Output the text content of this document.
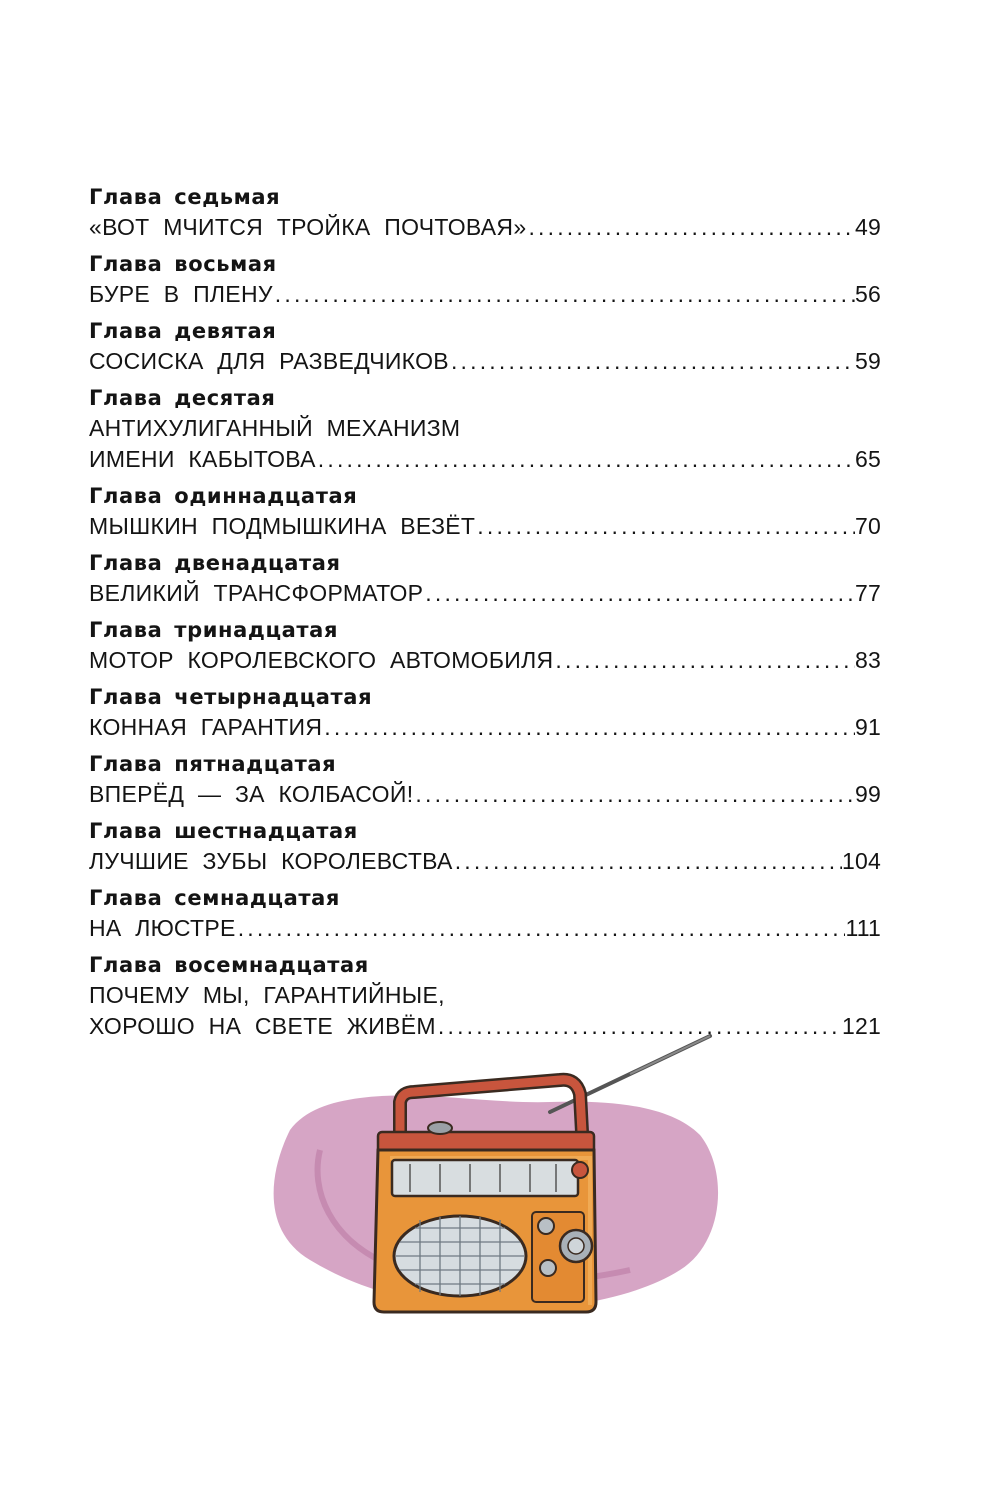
Глава седьмая
«ВОТ МЧИТСЯ ТРОЙКА ПОЧТОВАЯ» .....	49
Глава восьмая
БУРЕ В ПЛЕНУ .....	56
Глава девятая
СОСИСКА ДЛЯ РАЗВЕДЧИКОВ .....	59
Глава десятая
АНТИХУЛИГАННЫЙ МЕХАНИЗМ
ИМЕНИ КАБЫТОВА .....	65
Глава одиннадцатая
МЫШКИН ПОДМЫШКИНА ВЕЗЁТ .....	70
Глава двенадцатая
ВЕЛИКИЙ ТРАНСФОРМАТОР .....	77
Глава тринадцатая
МОТОР КОРОЛЕВСКОГО АВТОМОБИЛЯ .....	83
Глава четырнадцатая
КОННАЯ ГАРАНТИЯ .....	91
Глава пятнадцатая
ВПЕРЁД — ЗА КОЛБАСОЙ! .....	99
Глава шестнадцатая
ЛУЧШИЕ ЗУБЫ КОРОЛЕВСТВА .....	104
Глава семнадцатая
НА ЛЮСТРЕ .....	111
Глава восемнадцатая
ПОЧЕМУ МЫ, ГАРАНТИЙНЫЕ,
ХОРОШО НА СВЕТЕ ЖИВЁМ .....	121
